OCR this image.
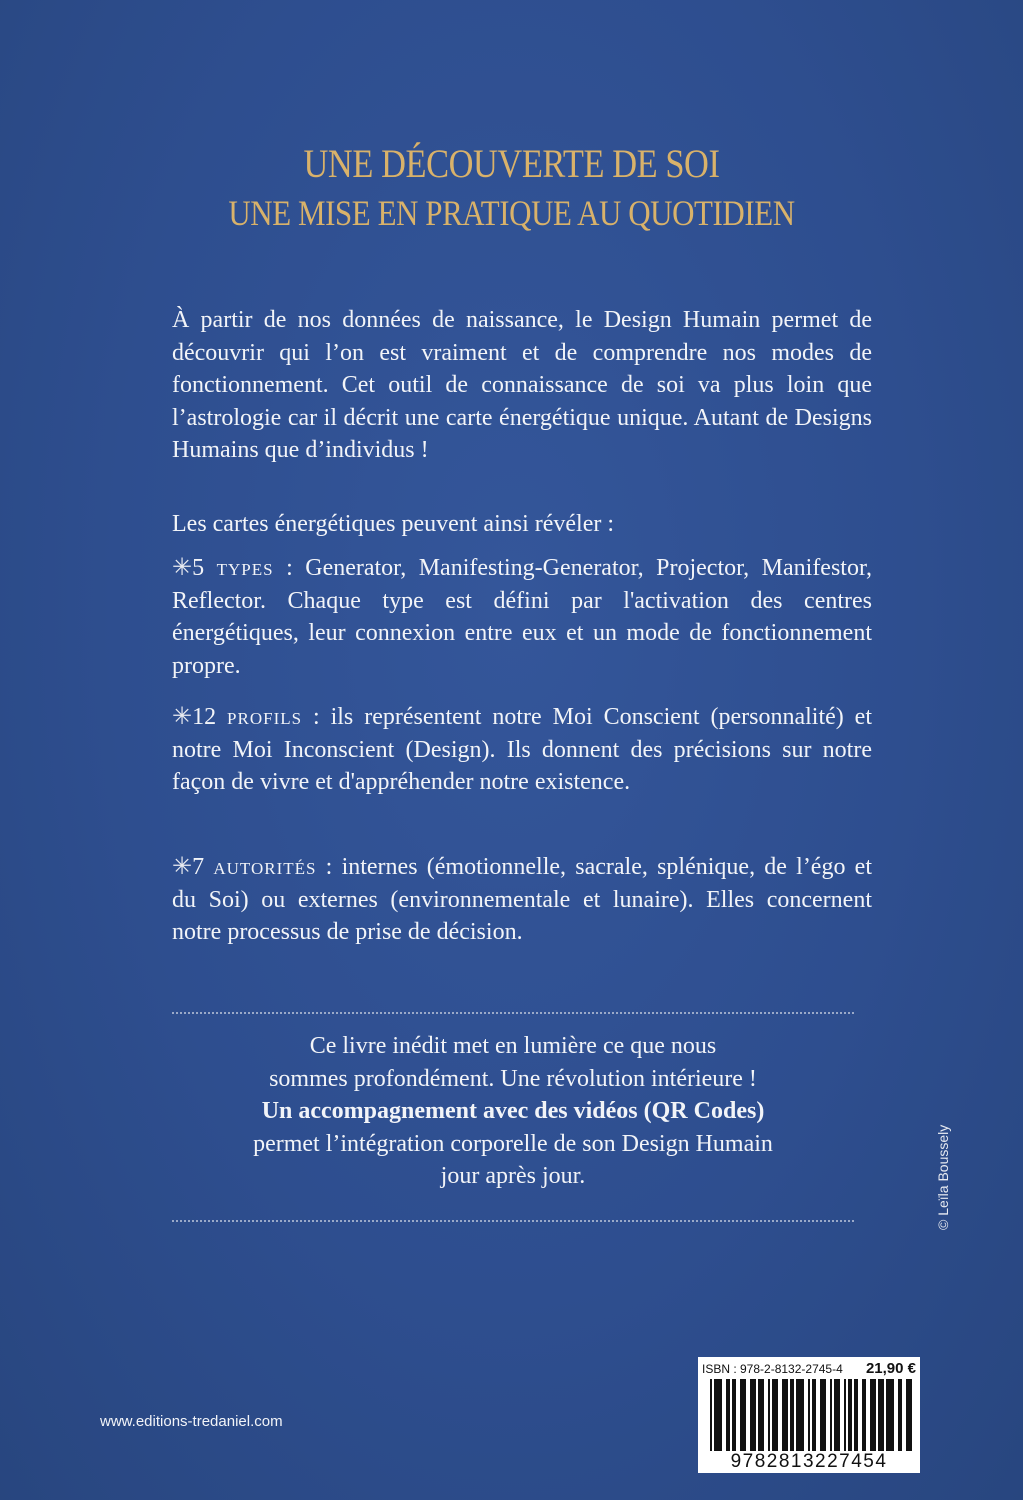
UNE DÉCOUVERTE DE SOI
UNE MISE EN PRATIQUE AU QUOTIDIEN

À partir de nos données de naissance, le Design Humain permet de découvrir qui l’on est vraiment et de comprendre nos modes de fonctionnement. Cet outil de connaissance de soi va plus loin que l’astrologie car il décrit une carte énergétique unique. Autant de Designs Humains que d’individus !

Les cartes énergétiques peuvent ainsi révéler :

✳5 types : Generator, Manifesting-Generator, Projector, Manifestor, Reflector. Chaque type est défini par l'activation des centres énergétiques, leur connexion entre eux et un mode de fonctionnement propre.

✳12 profils : ils représentent notre Moi Conscient (personnalité) et notre Moi Inconscient (Design). Ils donnent des précisions sur notre façon de vivre et d'appréhender notre existence.

✳7 autorités : internes (émotionnelle, sacrale, splénique, de l’égo et du Soi) ou externes (environnementale et lunaire). Elles concernent notre processus de prise de décision.

Ce livre inédit met en lumière ce que nous
sommes profondément. Une révolution intérieure !
Un accompagnement avec des vidéos (QR Codes)
permet l’intégration corporelle de son Design Humain
jour après jour.	© Leïla Boussely
www.editions-tredaniel.com
ISBN : 978-2-8132-2745-4 21,90 €
9782813227454
